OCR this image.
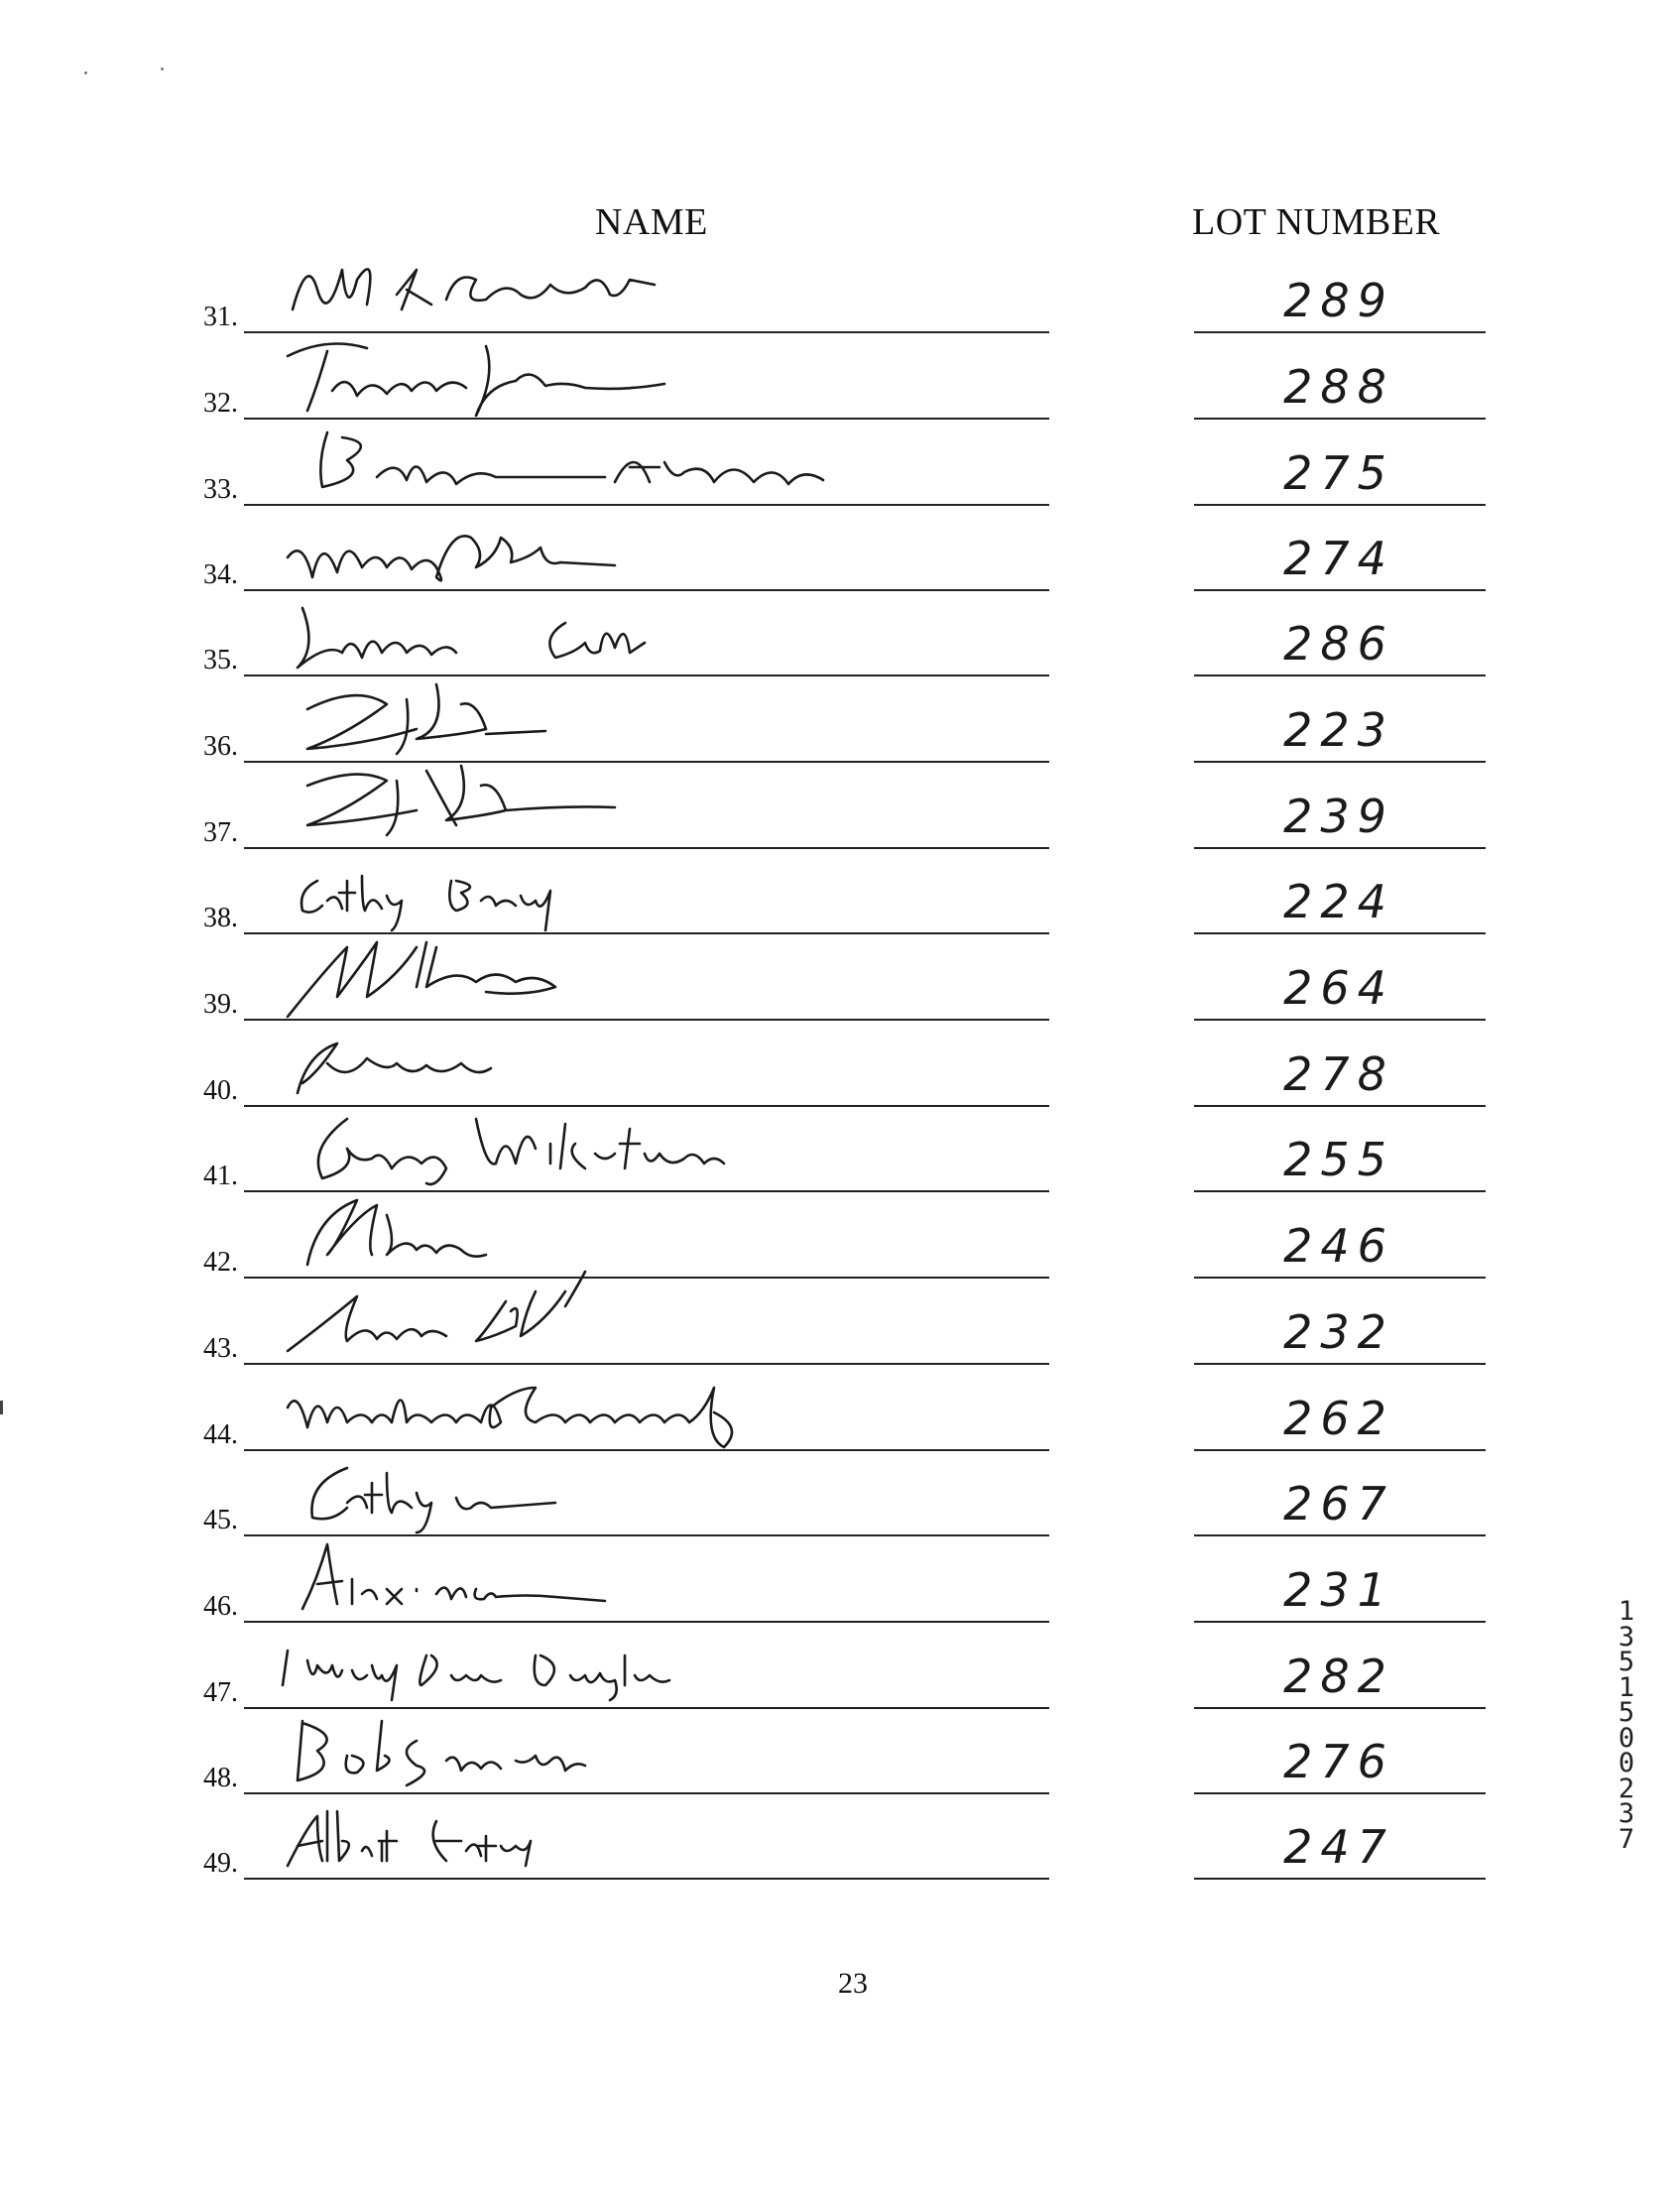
NAME	LOT NUMBER
31.	289
32.	288
33.	275
34.	274
35.	286
36.	223
37.	239
38.	224
39.	264
40.	278
41.	255
42.	246
43.	232
44.	262
45.	267
46.	231
47.	282
48.	276
49.	247
23
1351500237
